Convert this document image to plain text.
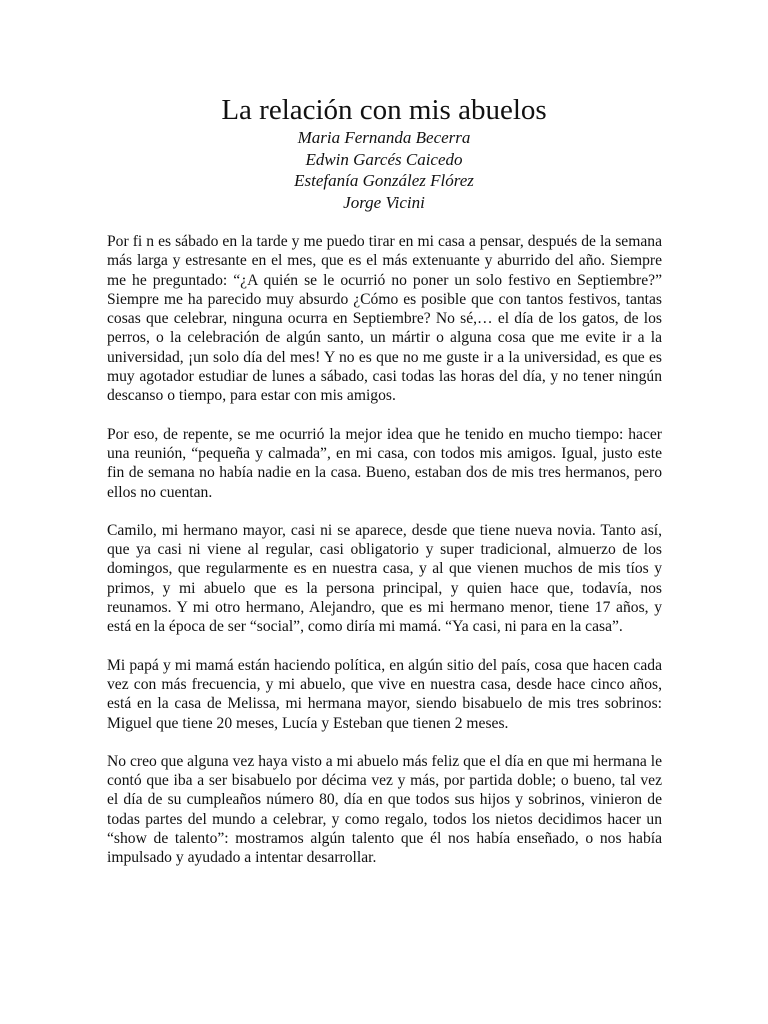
La relación con mis abuelos
Maria Fernanda Becerra
Edwin Garcés Caicedo
Estefanía González Flórez
Jorge Vicini

Por fi n es sábado en la tarde y me puedo tirar en mi casa a pensar, después de la semana más larga y estresante en el mes, que es el más extenuante y aburrido del año. Siempre me he preguntado: “¿A quién se le ocurrió no poner un solo festivo en Septiembre?” Siempre me ha parecido muy absurdo ¿Cómo es posible que con tantos festivos, tantas cosas que celebrar, ninguna ocurra en Septiembre? No sé,… el día de los gatos, de los perros, o la celebración de algún santo, un mártir o alguna cosa que me evite ir a la universidad, ¡un solo día del mes! Y no es que no me guste ir a la universidad, es que es muy agotador estudiar de lunes a sábado, casi todas las horas del día, y no tener ningún descanso o tiempo, para estar con mis amigos.

Por eso, de repente, se me ocurrió la mejor idea que he tenido en mucho tiempo: hacer una reunión, “pequeña y calmada”, en mi casa, con todos mis amigos. Igual, justo este fin de semana no había nadie en la casa. Bueno, estaban dos de mis tres hermanos, pero ellos no cuentan.

Camilo, mi hermano mayor, casi ni se aparece, desde que tiene nueva novia. Tanto así, que ya casi ni viene al regular, casi obligatorio y super tradicional, almuerzo de los domingos, que regularmente es en nuestra casa, y al que vienen muchos de mis tíos y primos, y mi abuelo que es la persona principal, y quien hace que, todavía, nos reunamos. Y mi otro hermano, Alejandro, que es mi hermano menor, tiene 17 años, y está en la época de ser “social”, como diría mi mamá. “Ya casi, ni para en la casa”.

Mi papá y mi mamá están haciendo política, en algún sitio del país, cosa que hacen cada vez con más frecuencia, y mi abuelo, que vive en nuestra casa, desde hace cinco años, está en la casa de Melissa, mi hermana mayor, siendo bisabuelo de mis tres sobrinos: Miguel que tiene 20 meses, Lucía y Esteban que tienen 2 meses.

No creo que alguna vez haya visto a mi abuelo más feliz que el día en que mi hermana le contó que iba a ser bisabuelo por décima vez y más, por partida doble; o bueno, tal vez el día de su cumpleaños número 80, día en que todos sus hijos y sobrinos, vinieron de todas partes del mundo a celebrar, y como regalo, todos los nietos decidimos hacer un “show de talento”: mostramos algún talento que él nos había enseñado, o nos había impulsado y ayudado a intentar desarrollar.
